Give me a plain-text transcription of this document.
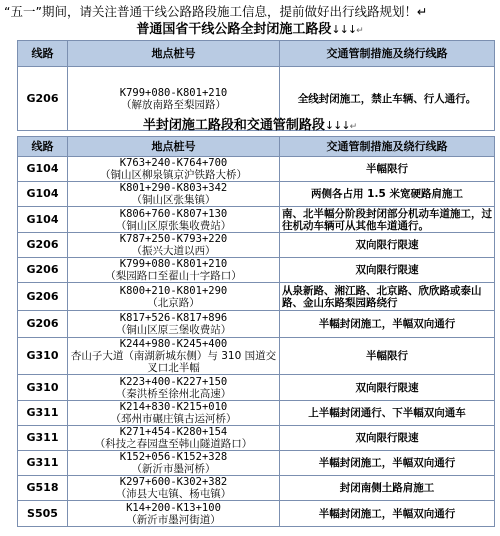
“五一”期间，请关注普通干线公路路段施工信息，提前做好出行线路规划！↵
普通国省干线公路全封闭施工路段↓↓↓↵
线路	地点桩号	交通管制措施及绕行线路
G206	K799+080-K801+210
（解放南路至梨园路）	全线封闭施工，禁止车辆、行人通行。
半封闭施工路段和交通管制路段↓↓↓↵
线路	地点桩号	交通管制措施及绕行线路
G104	K763+240-K764+700
（铜山区柳泉镇京沪铁路大桥）	半幅限行
G104	K801+290-K803+342
（铜山区张集镇）	两侧各占用 1.5 米宽硬路肩施工
G104	K806+760-K807+130
（铜山区原张集收费站）	南、北半幅分阶段封闭部分机动车道施工，过往机动车辆可从其他车道通行。
G206	K787+250-K793+220
（振兴大道以西）	双向限行限速
G206	K799+080-K801+210
（梨园路口至翟山十字路口）	双向限行限速
G206	K800+210-K801+290
（北京路）	从泉新路、湘江路、北京路、欣欣路或泰山路、金山东路梨园路绕行
G206	K817+526-K817+896
（铜山区原三堡收费站）	半幅封闭施工，半幅双向通行
G310	K244+980-K245+400
杏山子大道（南湖新城东侧）与 310 国道交叉口北半幅	半幅限行
G310	K223+400-K227+150
（秦洪桥至徐州北高速）	双向限行限速
G311	K214+830-K215+010
（邳州市碾庄镇古运河桥）	上半幅封闭通行、下半幅双向通车
G311	K271+454-K280+154
（科技之春园盘至韩山隧道路口）	双向限行限速
G311	K152+056-K152+328
（新沂市墨河桥）	半幅封闭施工，半幅双向通行
G518	K297+600-K302+382
（沛县大屯镇、杨屯镇）	封闭南侧土路肩施工
S505	K14+200-K13+100
（新沂市墨河街道）	半幅封闭施工，半幅双向通行
